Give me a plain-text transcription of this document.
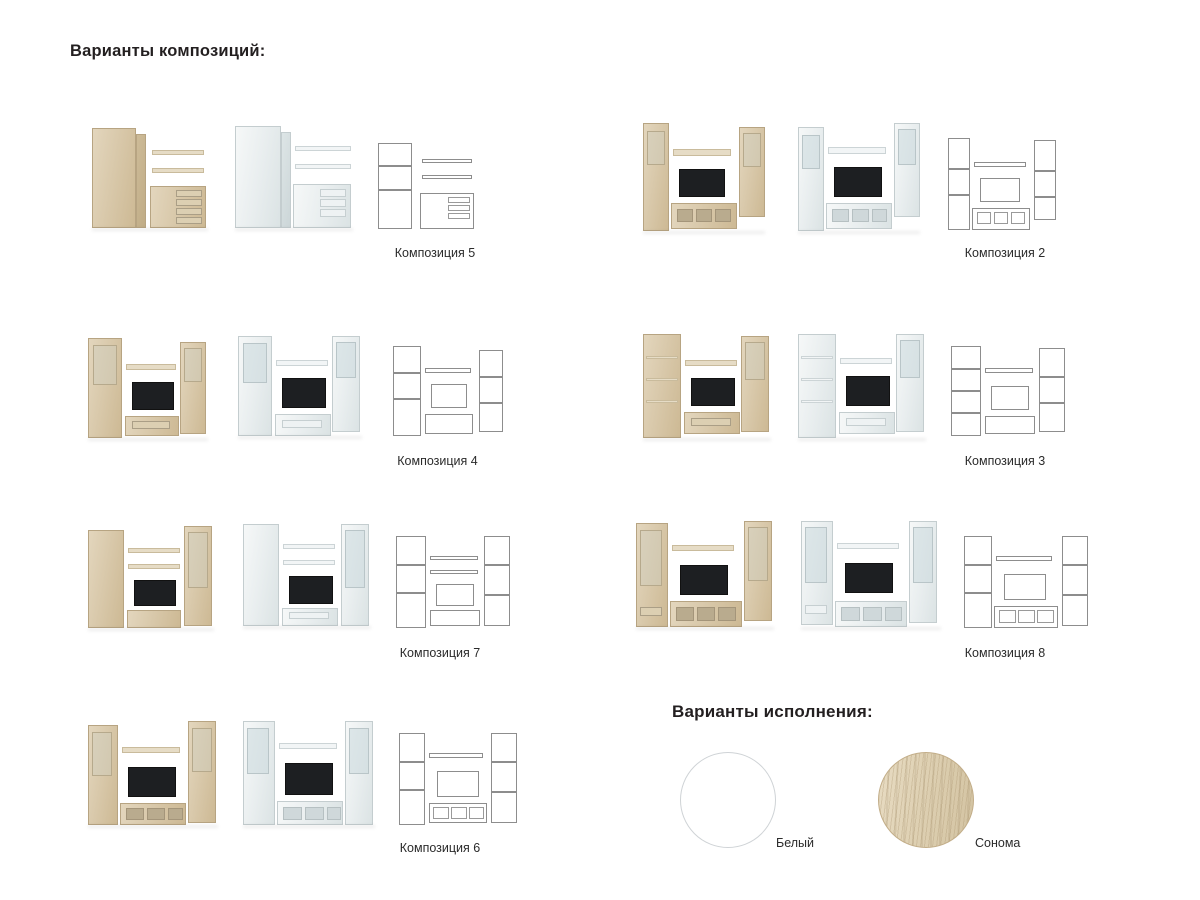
Варианты композиций:
Композиция 5	Композиция 2
Композиция 4	Композиция 3
Композиция 7	Композиция 8
Композиция 6
Варианты исполнения:
Белый	Сонома
